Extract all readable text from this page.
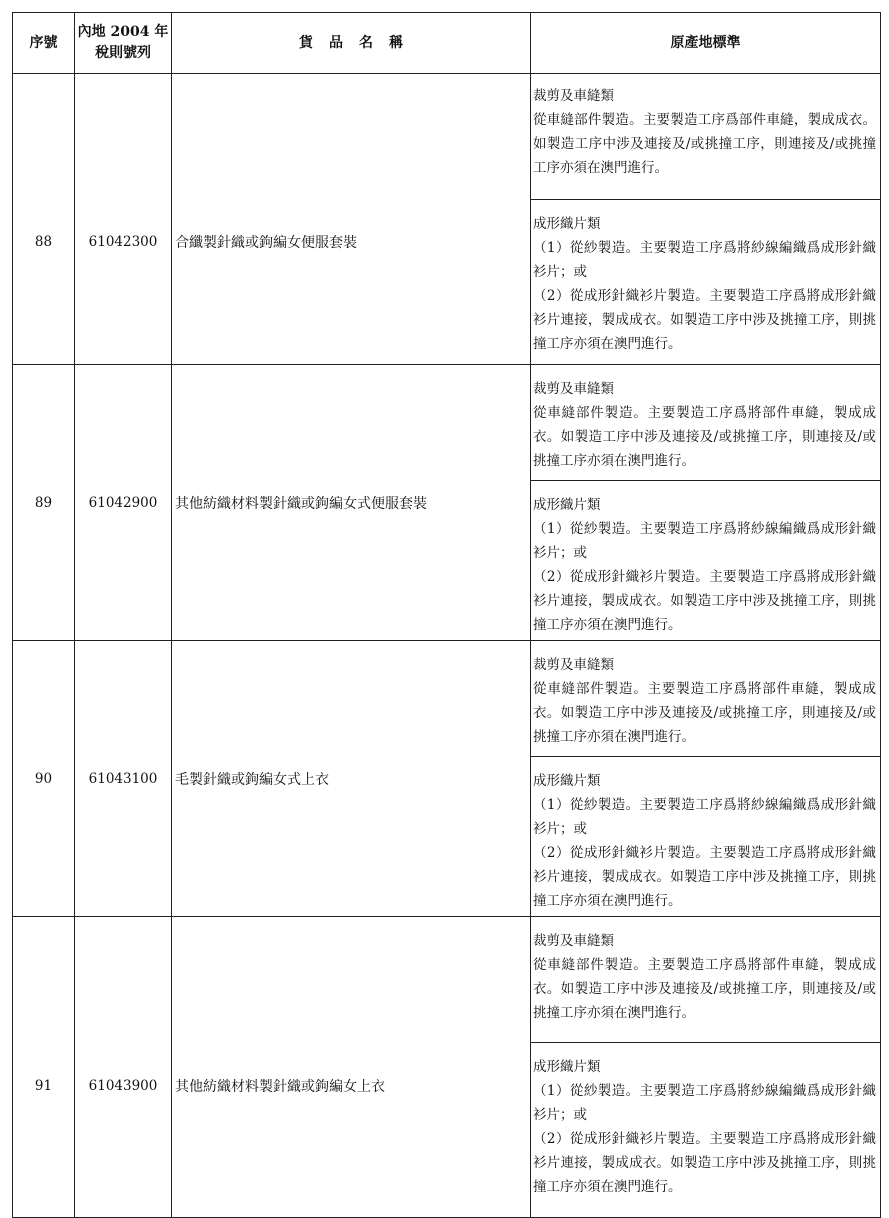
序號	內地 2004 年
稅則號列	貨品名稱	原產地標準

88	61042300	合纖製針織或鉤編女便服套裝	裁剪及車縫類
從車縫部件製造。主要製造工序爲部件車縫，製成成衣。如製造工序中涉及連接及/或挑撞工序，則連接及/或挑撞工序亦須在澳門進行。
成形織片類
（1）從紗製造。主要製造工序爲將紗線編織爲成形針織衫片；或
（2）從成形針織衫片製造。主要製造工序爲將成形針織衫片連接，製成成衣。如製造工序中涉及挑撞工序，則挑撞工序亦須在澳門進行。

89	61042900	其他紡織材料製針織或鉤編女式便服套裝	裁剪及車縫類
從車縫部件製造。主要製造工序爲將部件車縫，製成成衣。如製造工序中涉及連接及/或挑撞工序，則連接及/或挑撞工序亦須在澳門進行。
成形織片類
（1）從紗製造。主要製造工序爲將紗線編織爲成形針織衫片；或
（2）從成形針織衫片製造。主要製造工序爲將成形針織衫片連接，製成成衣。如製造工序中涉及挑撞工序，則挑撞工序亦須在澳門進行。

90	61043100	毛製針織或鉤編女式上衣	裁剪及車縫類
從車縫部件製造。主要製造工序爲將部件車縫，製成成衣。如製造工序中涉及連接及/或挑撞工序，則連接及/或挑撞工序亦須在澳門進行。
成形織片類
（1）從紗製造。主要製造工序爲將紗線編織爲成形針織衫片；或
（2）從成形針織衫片製造。主要製造工序爲將成形針織衫片連接，製成成衣。如製造工序中涉及挑撞工序，則挑撞工序亦須在澳門進行。

91	61043900	其他紡織材料製針織或鉤編女上衣	裁剪及車縫類
從車縫部件製造。主要製造工序爲將部件車縫，製成成衣。如製造工序中涉及連接及/或挑撞工序，則連接及/或挑撞工序亦須在澳門進行。
成形織片類
（1）從紗製造。主要製造工序爲將紗線編織爲成形針織衫片；或
（2）從成形針織衫片製造。主要製造工序爲將成形針織衫片連接，製成成衣。如製造工序中涉及挑撞工序，則挑撞工序亦須在澳門進行。
